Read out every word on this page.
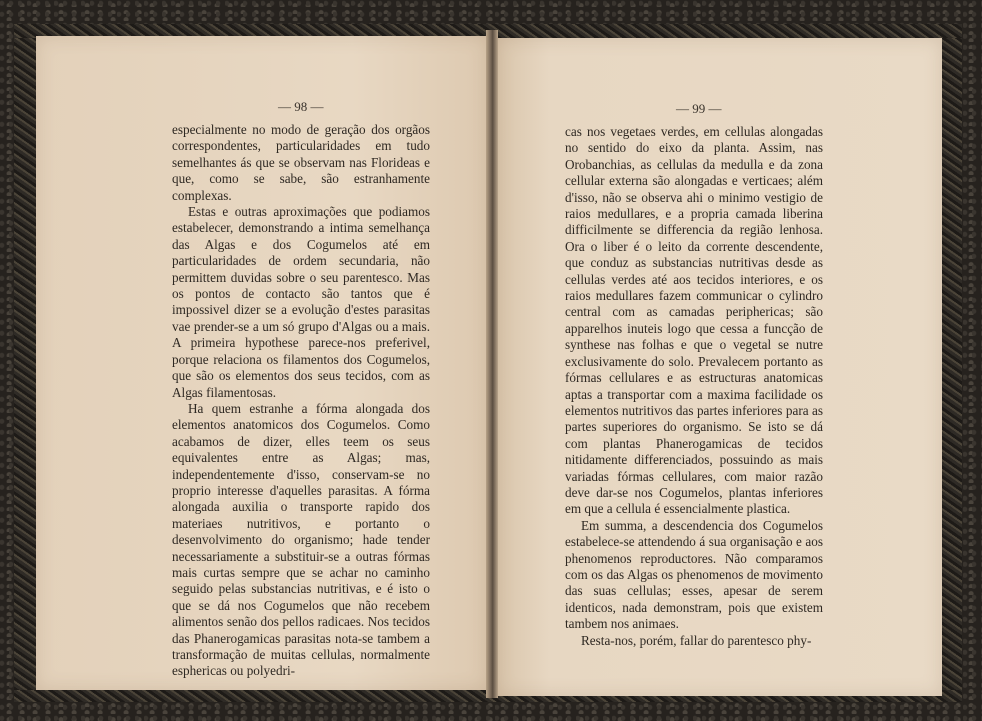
— 98 —	— 99 —

especialmente no modo de geração dos orgãos correspondentes, particularidades em tudo semelhantes ás que se observam nas Florideas e que, como se sabe, são estranhamente complexas.

Estas e outras aproximações que podiamos estabelecer, demonstrando a intima semelhança das Algas e dos Cogumelos até em particularidades de ordem secundaria, não permittem duvidas sobre o seu parentesco. Mas os pontos de contacto são tantos que é impossivel dizer se a evolução d'estes parasitas vae prender-se a um só grupo d'Algas ou a mais. A primeira hypothese parece-nos preferivel, porque relaciona os filamentos dos Cogumelos, que são os elementos dos seus tecidos, com as Algas filamentosas.

Ha quem estranhe a fórma alongada dos elementos anatomicos dos Cogumelos. Como acabamos de dizer, elles teem os seus equivalentes entre as Algas; mas, independentemente d'isso, conservam-se no proprio interesse d'aquelles parasitas. A fórma alongada auxilia o transporte rapido dos materiaes nutritivos, e portanto o desenvolvimento do organismo; hade tender necessariamente a substituir-se a outras fórmas mais curtas sempre que se achar no caminho seguido pelas substancias nutritivas, e é isto o que se dá nos Cogumelos que não recebem alimentos senão dos pellos radicaes. Nos tecidos das Phanerogamicas parasitas nota-se tambem a transformação de muitas cellulas, normalmente esphericas ou polyedri-

cas nos vegetaes verdes, em cellulas alongadas no sentido do eixo da planta. Assim, nas Orobanchias, as cellulas da medulla e da zona cellular externa são alongadas e verticaes; além d'isso, não se observa ahi o minimo vestigio de raios medullares, e a propria camada liberina difficilmente se differencia da região lenhosa. Ora o liber é o leito da corrente descendente, que conduz as substancias nutritivas desde as cellulas verdes até aos tecidos interiores, e os raios medullares fazem communicar o cylindro central com as camadas periphericas; são apparelhos inuteis logo que cessa a funcção de synthese nas folhas e que o vegetal se nutre exclusivamente do solo. Prevalecem portanto as fórmas cellulares e as estructuras anatomicas aptas a transportar com a maxima facilidade os elementos nutritivos das partes inferiores para as partes superiores do organismo. Se isto se dá com plantas Phanerogamicas de tecidos nitidamente differenciados, possuindo as mais variadas fórmas cellulares, com maior razão deve dar-se nos Cogumelos, plantas inferiores em que a cellula é essencialmente plastica.

Em summa, a descendencia dos Cogumelos estabelece-se attendendo á sua organisação e aos phenomenos reproductores. Não comparamos com os das Algas os phenomenos de movimento das suas cellulas; esses, apesar de serem identicos, nada demonstram, pois que existem tambem nos animaes.

Resta-nos, porém, fallar do parentesco phy-
